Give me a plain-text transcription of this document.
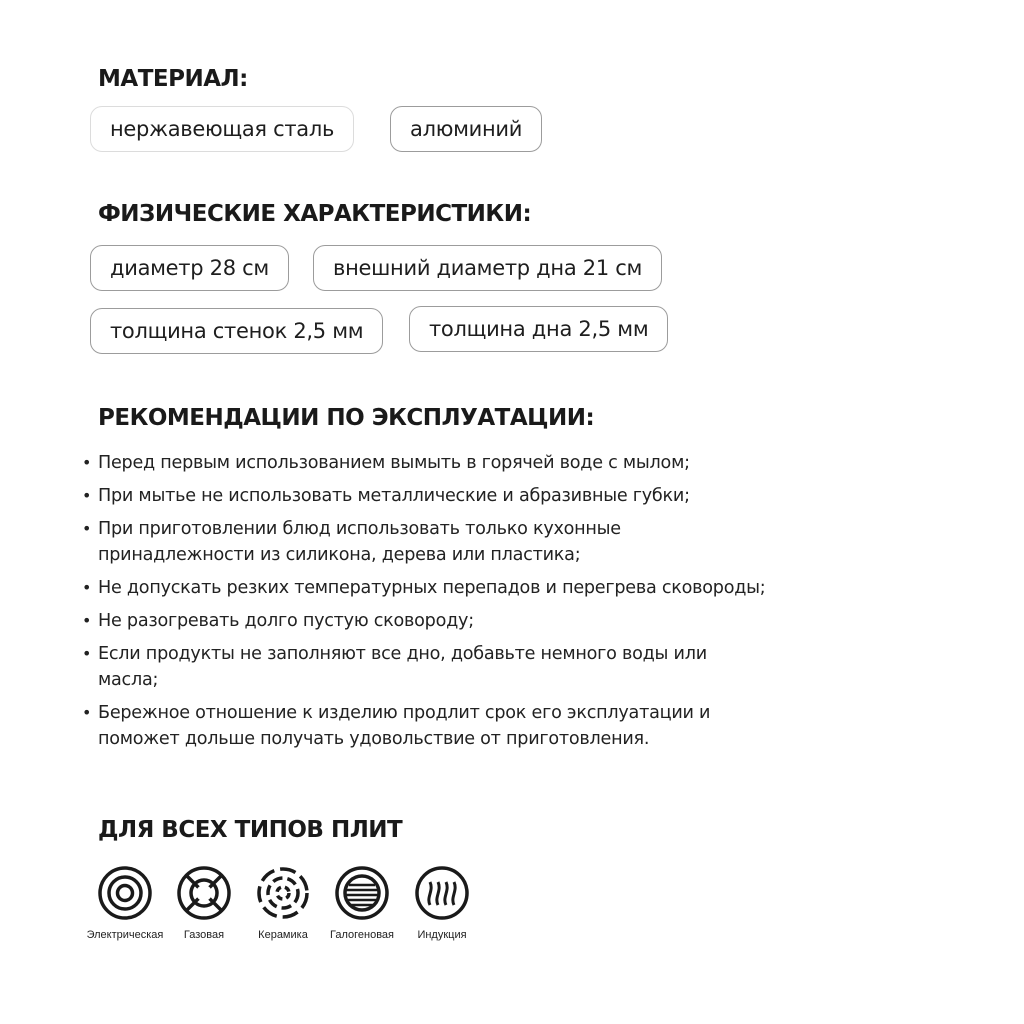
МАТЕРИАЛ:
нержавеющая сталь	алюминий
ФИЗИЧЕСКИЕ ХАРАКТЕРИСТИКИ:
диаметр 28 см	внешний диаметр дна 21 см
толщина стенок 2,5 мм	толщина дна 2,5 мм
РЕКОМЕНДАЦИИ ПО ЭКСПЛУАТАЦИИ:
• Перед первым использованием вымыть в горячей воде с мылом;
• При мытье не использовать металлические и абразивные губки;
• При приготовлении блюд использовать только кухонные принадлежности из силикона, дерева или пластика;
• Не допускать резких температурных перепадов и перегрева сковороды;
• Не разогревать долго пустую сковороду;
• Если продукты не заполняют все дно, добавьте немного воды или масла;
• Бережное отношение к изделию продлит срок его эксплуатации и поможет дольше получать удовольствие от приготовления.
ДЛЯ ВСЕХ ТИПОВ ПЛИТ
Электрическая	Газовая	Керамика	Галогеновая	Индукция
